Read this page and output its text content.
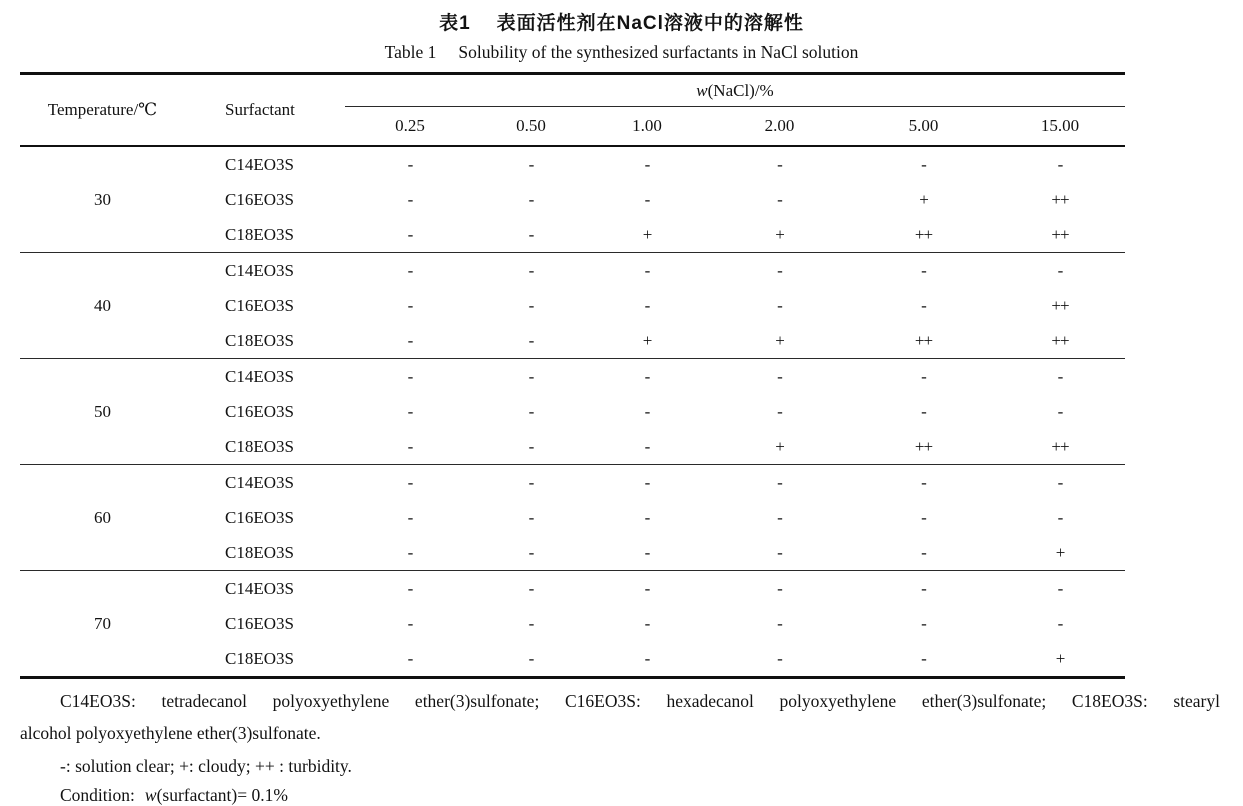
表1 表面活性剂在NaCl溶液中的溶解性
Table 1 Solubility of the synthesized surfactants in NaCl solution
Temperature/℃	Surfactant
w (NaCl)/%
0.25	0.50	1.00	2.00	5.00	15.00
30
C14EO3S	-	-	-	-	-	-
C16EO3S	-	-	-	-	+	++
C18EO3S	-	-	+	+	++	++
40
C14EO3S	-	-	-	-	-	-
C16EO3S	-	-	-	-	-	++
C18EO3S	-	-	+	+	++	++
50
C14EO3S	-	-	-	-	-	-
C16EO3S	-	-	-	-	-	-
C18EO3S	-	-	-	+	++	++
60
C14EO3S	-	-	-	-	-	-
C16EO3S	-	-	-	-	-	-
C18EO3S	-	-	-	-	-	+
70
C14EO3S	-	-	-	-	-	-
C16EO3S	-	-	-	-	-	-
C18EO3S	-	-	-	-	-	+
C14EO3S: tetradecanol polyoxyethylene ether(3)sulfonate; C16EO3S: hexadecanol polyoxyethylene ether(3)sulfonate; C18EO3S: stearyl
alcohol polyoxyethylene ether(3)sulfonate.
-: solution clear; +: cloudy; ++ : turbidity.
Condition: w(surfactant)= 0.1%
